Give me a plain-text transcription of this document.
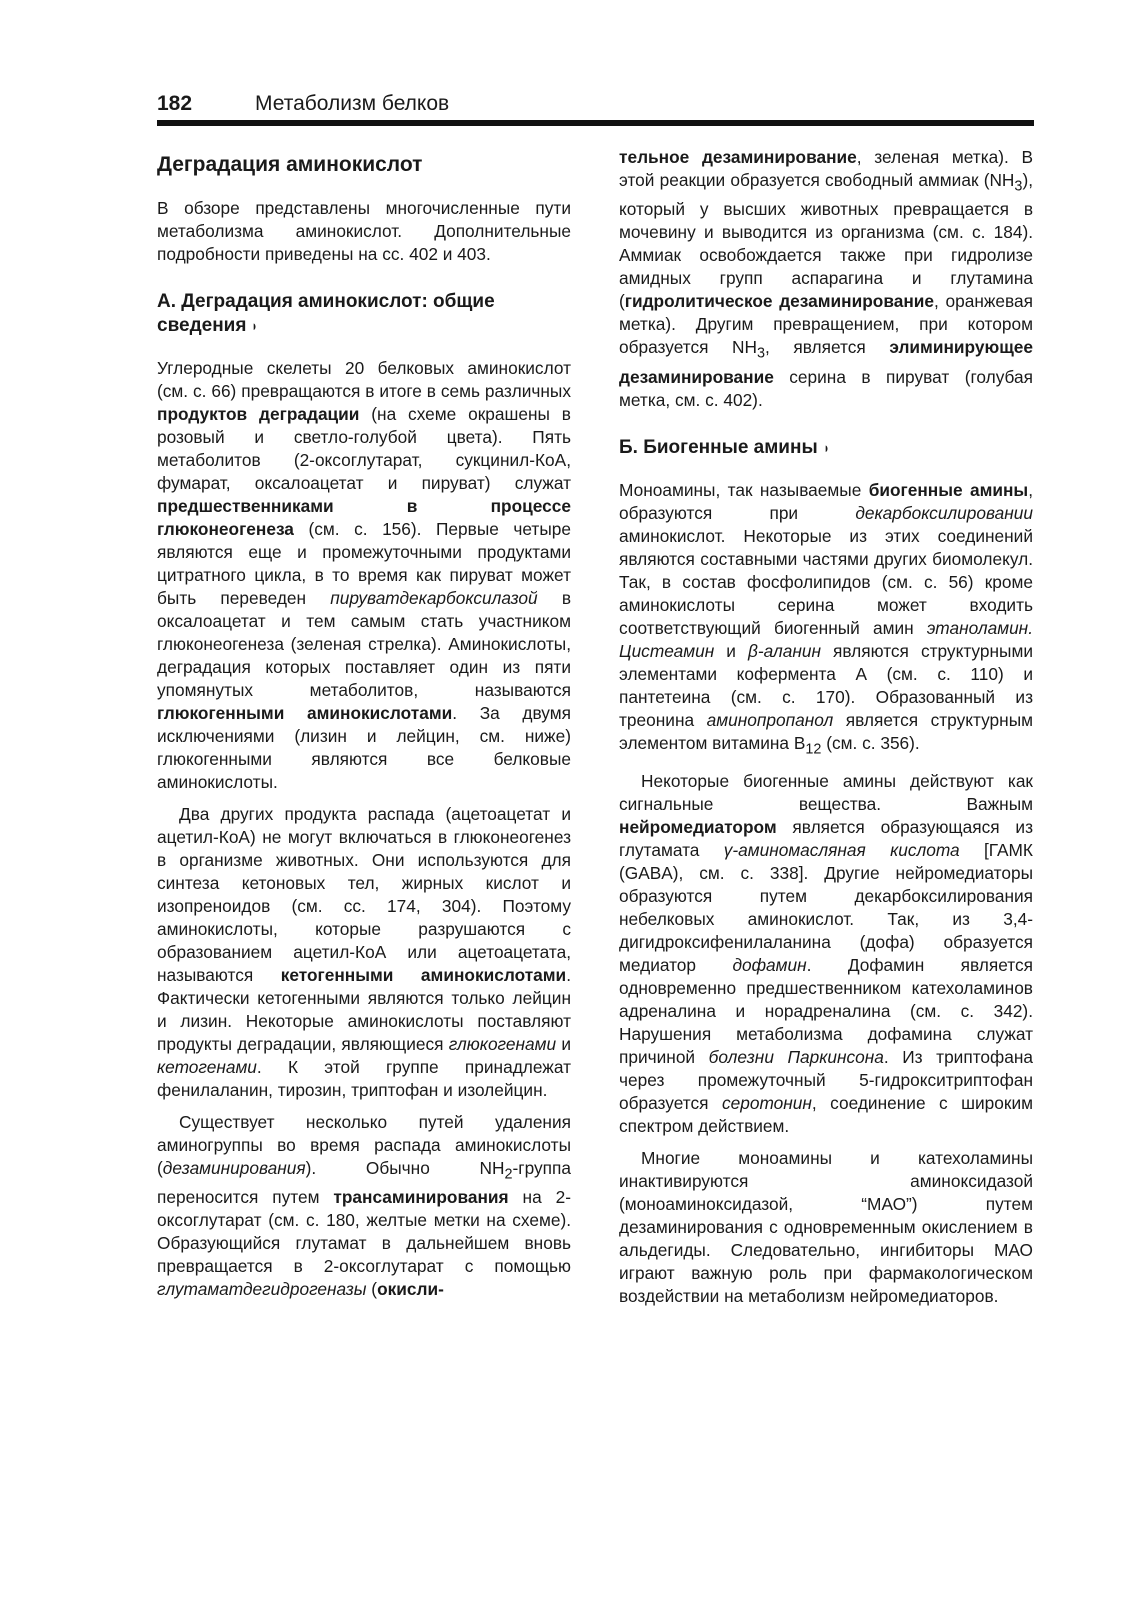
182	Метаболизм белков
Деградация аминокислот

В обзоре представлены многочисленные пути метаболизма аминокислот. Дополнительные подробности приведены на сс. 402 и 403.

А. Деградация аминокислот: общие сведения ◗

Углеродные скелеты 20 белковых аминокислот (см. с. 66) превращаются в итоге в семь различных продуктов деградации (на схеме окрашены в розовый и светло-голубой цвета). Пять метаболитов (2-оксоглутарат, сукцинил-КоА, фумарат, оксалоацетат и пируват) служат предшественниками в процессе глюконеогенеза (см. с. 156). Первые четыре являются еще и промежуточными продуктами цитратного цикла, в то время как пируват может быть переведен пируватдекарбоксилазой в оксалоацетат и тем самым стать участником глюконеогенеза (зеленая стрелка). Аминокислоты, деградация которых поставляет один из пяти упомянутых метаболитов, называются глюкогенными аминокислотами. За двумя исключениями (лизин и лейцин, см. ниже) глюкогенными являются все белковые аминокислоты.

Два других продукта распада (ацетоацетат и ацетил-КоА) не могут включаться в глюконеогенез в организме животных. Они используются для синтеза кетоновых тел, жирных кислот и изопреноидов (см. сс. 174, 304). Поэтому аминокислоты, которые разрушаются с образованием ацетил-КоА или ацетоацетата, называются кетогенными аминокислотами. Фактически кетогенными являются только лейцин и лизин. Некоторые аминокислоты поставляют продукты деградации, являющиеся глюкогенами и кетогенами. К этой группе принадлежат фенилаланин, тирозин, триптофан и изолейцин.

Существует несколько путей удаления аминогруппы во время распада аминокислоты (дезаминирования). Обычно $NH_2$-группа переносится путем трансаминирования на 2-оксоглутарат (см. с. 180, желтые метки на схеме). Образующийся глутамат в дальнейшем вновь превращается в 2-оксоглутарат с помощью глутаматдегидрогеназы (окисли-

тельное дезаминирование, зеленая метка). В этой реакции образуется свободный аммиак $(NH_3)$, который у высших животных превращается в мочевину и выводится из организма (см. с. 184). Аммиак освобождается также при гидролизе амидных групп аспарагина и глутамина (гидролитическое дезаминирование, оранжевая метка). Другим превращением, при котором образуется $NH_3$, является элиминирующее дезаминирование серина в пируват (голубая метка, см. с. 402).

Б. Биогенные амины ◗

Моноамины, так называемые биогенные амины, образуются при декарбоксилировании аминокислот. Некоторые из этих соединений являются составными частями других биомолекул. Так, в состав фосфолипидов (см. с. 56) кроме аминокислоты серина может входить соответствующий биогенный амин этаноламин. Цистеамин и β-аланин являются структурными элементами кофермента А (см. с. 110) и пантетеина (см. с. 170). Образованный из треонина аминопропанол является структурным элементом витамина $B_{12}$ (см. с. 356).

Некоторые биогенные амины действуют как сигнальные вещества. Важным нейромедиатором является образующаяся из глутамата γ-аминомасляная кислота [ГАМК (GABA), см. с. 338]. Другие нейромедиаторы образуются путем декарбоксилирования небелковых аминокислот. Так, из 3,4-дигидроксифенилаланина (дофа) образуется медиатор дофамин. Дофамин является одновременно предшественником катехоламинов адреналина и норадреналина (см. с. 342). Нарушения метаболизма дофамина служат причиной болезни Паркинсона. Из триптофана через промежуточный 5-гидрокситриптофан образуется серотонин, соединение с широким спектром действием.

Многие моноамины и катехоламины инактивируются аминоксидазой (моноаминоксидазой, “МАО”) путем дезаминирования с одновременным окислением в альдегиды. Следовательно, ингибиторы МАО играют важную роль при фармакологическом воздействии на метаболизм нейромедиаторов.
